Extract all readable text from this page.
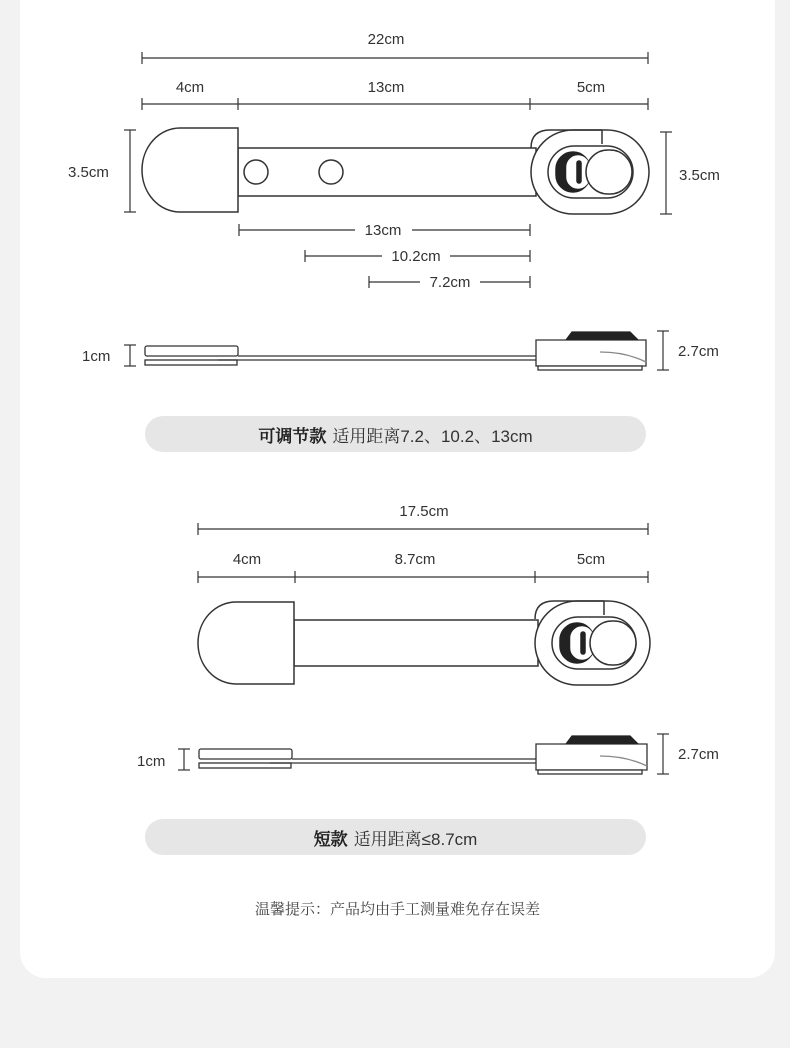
22cm
4cm	13cm	5cm
3.5cm	3.5cm
13cm
10.2cm
7.2cm
1cm	2.7cm
17.5cm
4cm	8.7cm	5cm
1cm	2.7cm
可调节款 适用距离7.2、10.2、13cm
短款 适用距离≤8.7cm
温馨提示：产品均由手工测量难免存在误差
